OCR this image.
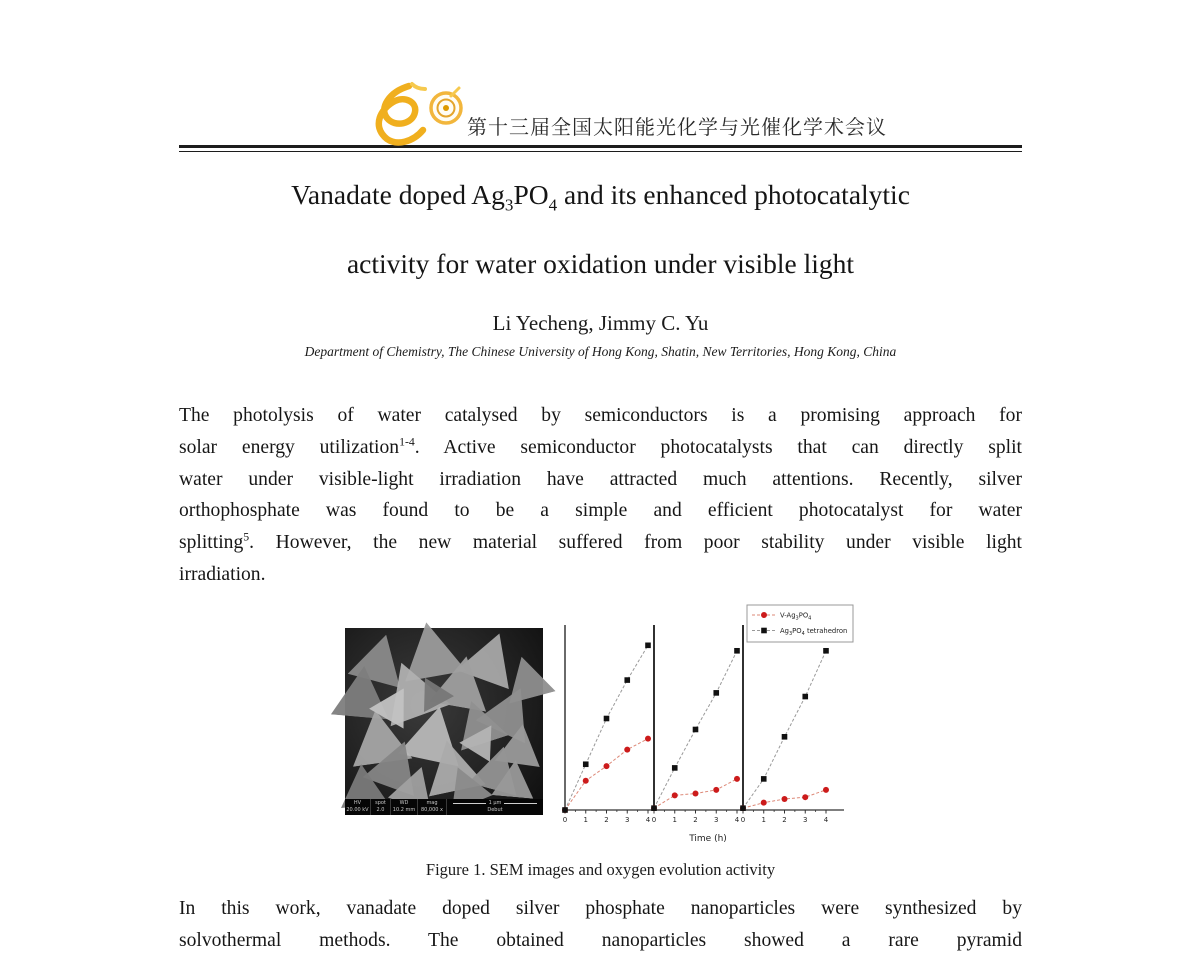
第十三届全国太阳能光化学与光催化学术会议
Vanadate doped $Ag_3PO_4$ and its enhanced photocatalytic
activity for water oxidation under visible light
Li Yecheng, Jimmy C. Yu
Department of Chemistry, The Chinese University of Hong Kong, Shatin, New Territories, Hong Kong, China
The photolysis of water catalysed by semiconductors is a promising approach for
solar energy utilization$^{1-4}$. Active semiconductor photocatalysts that can directly split
water under visible-light irradiation have attracted much attentions. Recently, silver
orthophosphate was found to be a simple and efficient photocatalyst for water
splitting$^5$. However, the new material suffered from poor stability under visible light
irradiation.
HV
20.00 kV
spot
2.0
WD
10.2 mm
mag
80,000 x
1 μm
Debut
0 1 2 3 4 0 1 2 3 4 0 1 2 3 4
Time (h)
$V-Ag_3PO_4$
$Ag_3PO_4$ tetrahedron
Figure 1. SEM images and oxygen evolution activity
In this work, vanadate doped silver phosphate nanoparticles were synthesized by
solvothermal methods. The obtained nanoparticles showed a rare pyramid
